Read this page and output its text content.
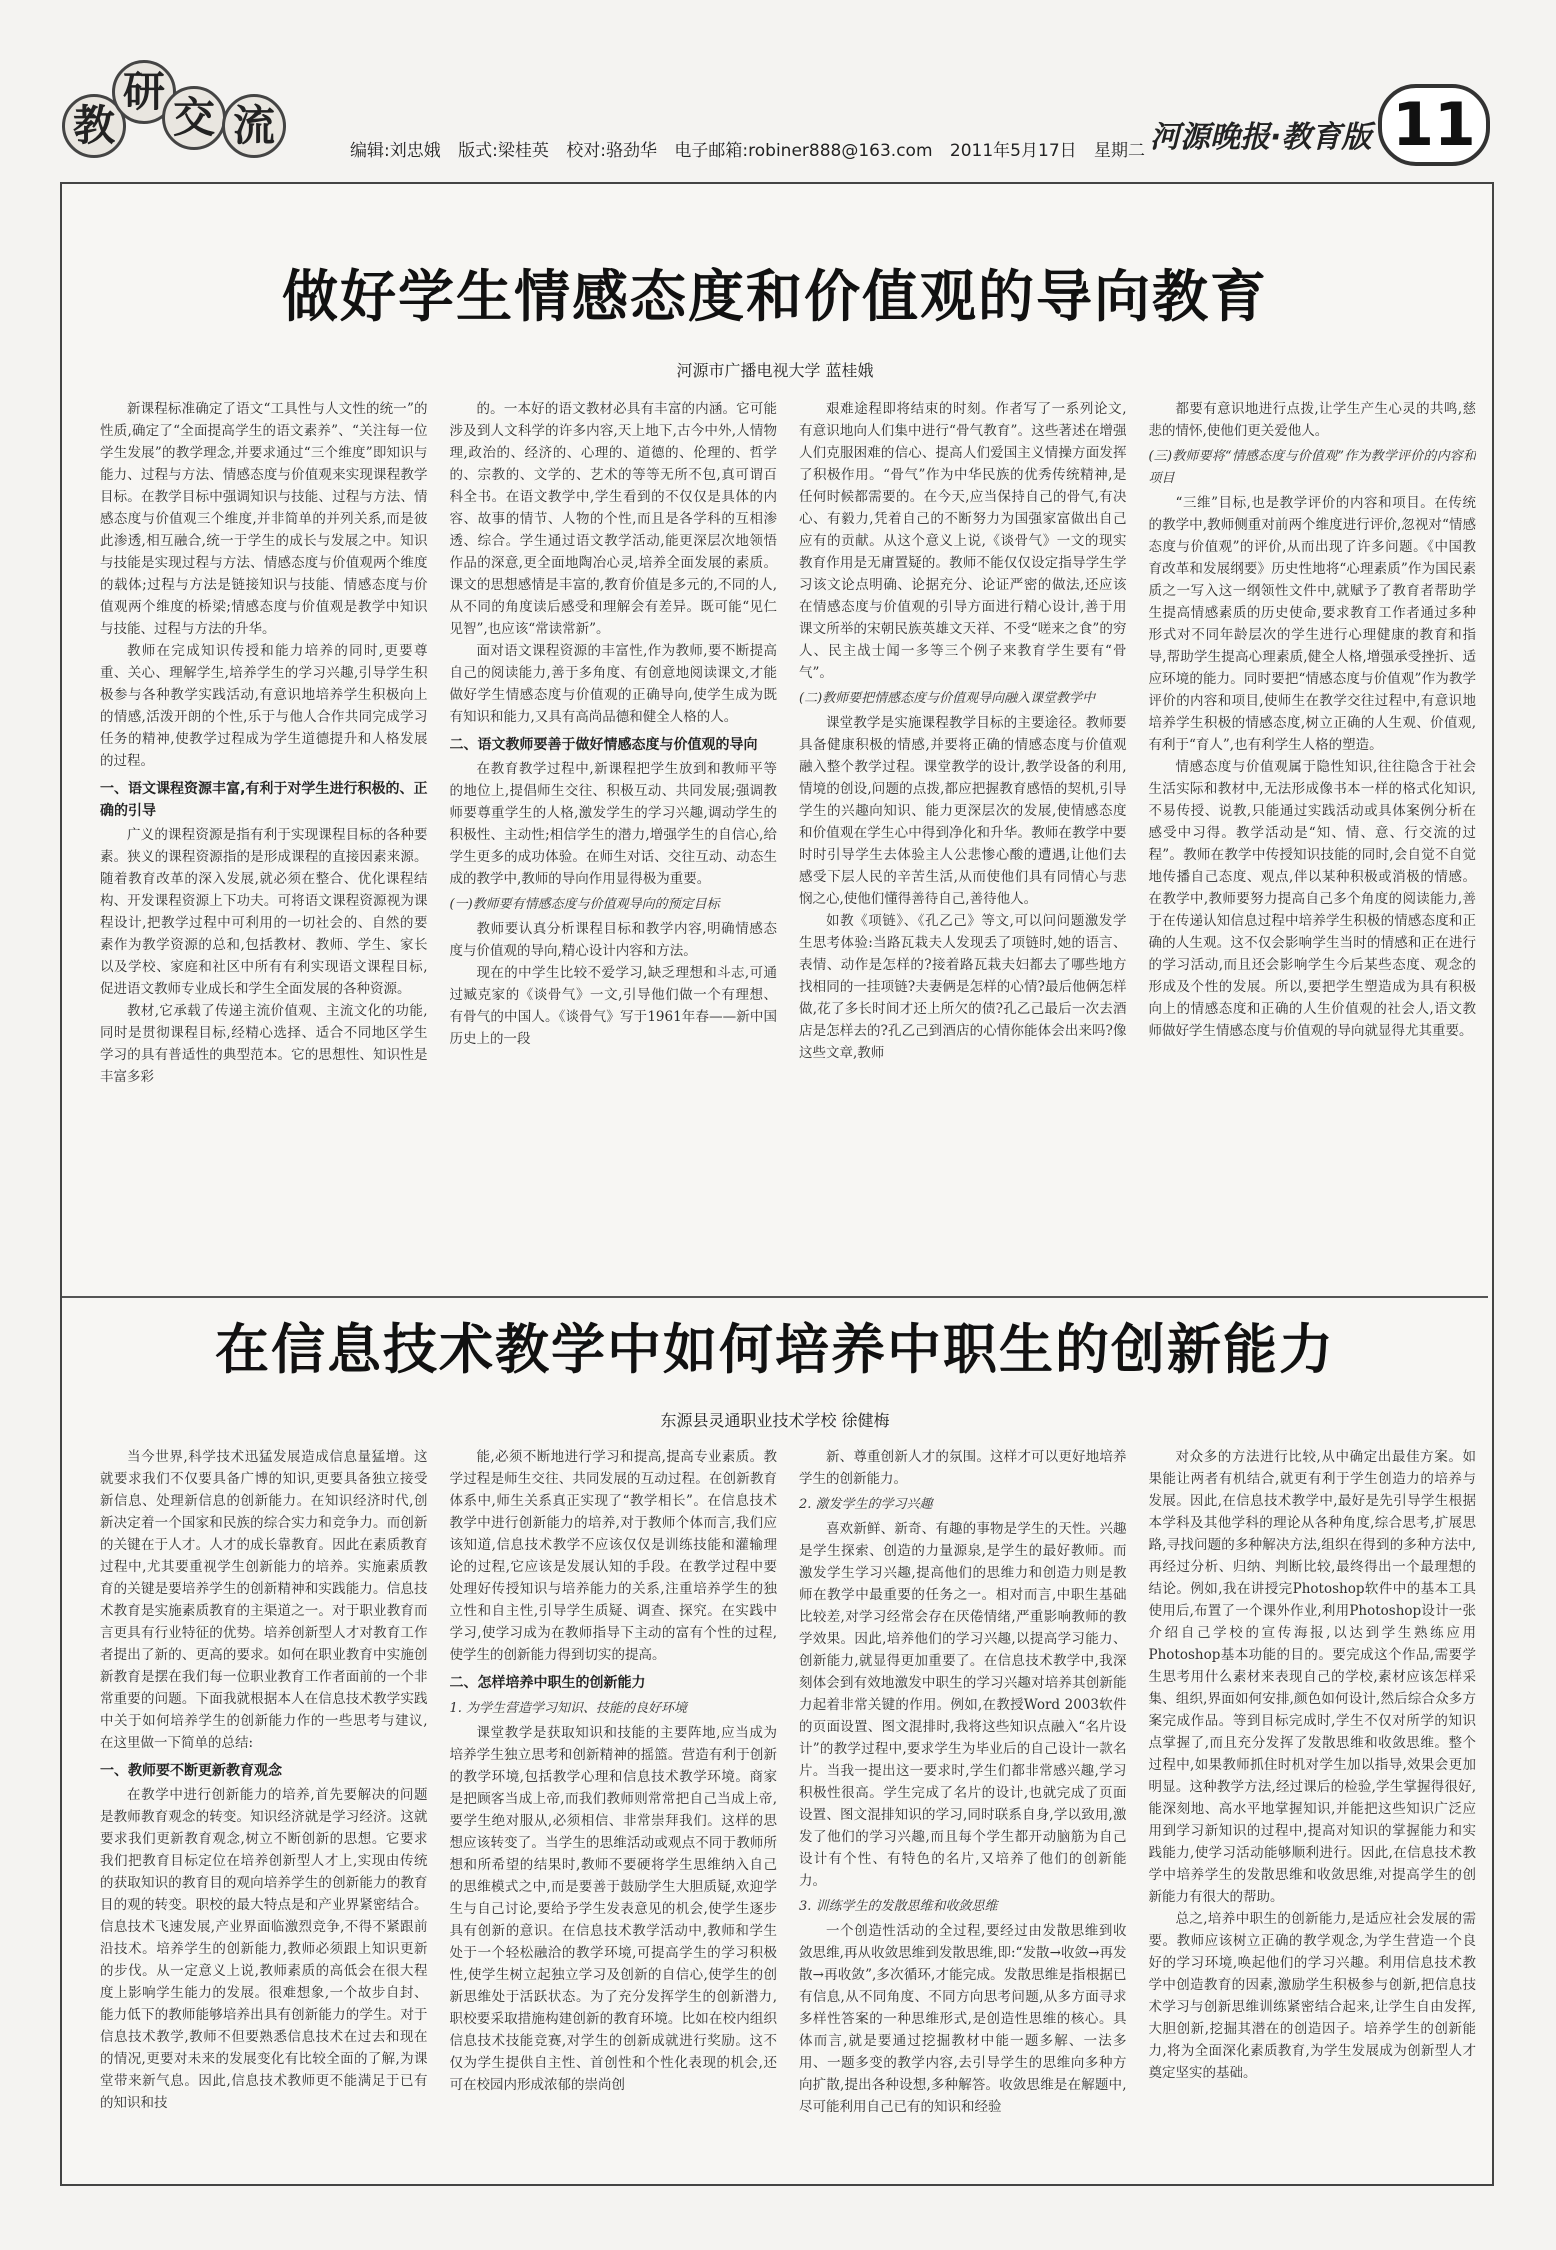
教
研
交 流
编辑:刘忠娥 版式:梁桂英 校对:骆劲华 电子邮箱:robiner888@163.com 2011年5月17日 星期二 河源晚报·教育版 11
做好学生情感态度和价值观的导向教育
河源市广播电视大学 蓝桂娥

新课程标准确定了语文“工具性与人文性的统一”的性质,确定了“全面提高学生的语文素养”、“关注每一位学生发展”的教学理念,并要求通过“三个维度”即知识与能力、过程与方法、情感态度与价值观来实现课程教学目标。在教学目标中强调知识与技能、过程与方法、情感态度与价值观三个维度,并非简单的并列关系,而是彼此渗透,相互融合,统一于学生的成长与发展之中。知识与技能是实现过程与方法、情感态度与价值观两个维度的载体;过程与方法是链接知识与技能、情感态度与价值观两个维度的桥梁;情感态度与价值观是教学中知识与技能、过程与方法的升华。

教师在完成知识传授和能力培养的同时,更要尊重、关心、理解学生,培养学生的学习兴趣,引导学生积极参与各种教学实践活动,有意识地培养学生积极向上的情感,活泼开朗的个性,乐于与他人合作共同完成学习任务的精神,使教学过程成为学生道德提升和人格发展的过程。

一、语文课程资源丰富,有利于对学生进行积极的、正确的引导

广义的课程资源是指有利于实现课程目标的各种要素。狭义的课程资源指的是形成课程的直接因素来源。随着教育改革的深入发展,就必须在整合、优化课程结构、开发课程资源上下功夫。可将语文课程资源视为课程设计,把教学过程中可利用的一切社会的、自然的要素作为教学资源的总和,包括教材、教师、学生、家长以及学校、家庭和社区中所有有利实现语文课程目标,促进语文教师专业成长和学生全面发展的各种资源。

教材,它承载了传递主流价值观、主流文化的功能,同时是贯彻课程目标,经精心选择、适合不同地区学生学习的具有普适性的典型范本。它的思想性、知识性是丰富多彩

的。一本好的语文教材必具有丰富的内涵。它可能涉及到人文科学的许多内容,天上地下,古今中外,人情物理,政治的、经济的、心理的、道德的、伦理的、哲学的、宗教的、文学的、艺术的等等无所不包,真可谓百科全书。在语文教学中,学生看到的不仅仅是具体的内容、故事的情节、人物的个性,而且是各学科的互相渗透、综合。学生通过语文教学活动,能更深层次地领悟作品的深意,更全面地陶冶心灵,培养全面发展的素质。课文的思想感情是丰富的,教育价值是多元的,不同的人,从不同的角度读后感受和理解会有差异。既可能“见仁见智”,也应该“常读常新”。

面对语文课程资源的丰富性,作为教师,要不断提高自己的阅读能力,善于多角度、有创意地阅读课文,才能做好学生情感态度与价值观的正确导向,使学生成为既有知识和能力,又具有高尚品德和健全人格的人。

二、语文教师要善于做好情感态度与价值观的导向

在教育教学过程中,新课程把学生放到和教师平等的地位上,提倡师生交往、积极互动、共同发展;强调教师要尊重学生的人格,激发学生的学习兴趣,调动学生的积极性、主动性;相信学生的潜力,增强学生的自信心,给学生更多的成功体验。在师生对话、交往互动、动态生成的教学中,教师的导向作用显得极为重要。

(一)教师要有情感态度与价值观导向的预定目标

教师要认真分析课程目标和教学内容,明确情感态度与价值观的导向,精心设计内容和方法。

现在的中学生比较不爱学习,缺乏理想和斗志,可通过臧克家的《谈骨气》一文,引导他们做一个有理想、有骨气的中国人。《谈骨气》写于1961年春——新中国历史上的一段

艰难途程即将结束的时刻。作者写了一系列论文,有意识地向人们集中进行“骨气教育”。这些著述在增强人们克服困难的信心、提高人们爱国主义情操方面发挥了积极作用。“骨气”作为中华民族的优秀传统精神,是任何时候都需要的。在今天,应当保持自己的骨气,有决心、有毅力,凭着自己的不断努力为国强家富做出自己应有的贡献。从这个意义上说,《谈骨气》一文的现实教育作用是无庸置疑的。教师不能仅仅设定指导学生学习该文论点明确、论据充分、论证严密的做法,还应该在情感态度与价值观的引导方面进行精心设计,善于用课文所举的宋朝民族英雄文天祥、不受“嗟来之食”的穷人、民主战士闻一多等三个例子来教育学生要有“骨气”。

(二)教师要把情感态度与价值观导向融入课堂教学中

课堂教学是实施课程教学目标的主要途径。教师要具备健康积极的情感,并要将正确的情感态度与价值观融入整个教学过程。课堂教学的设计,教学设备的利用,情境的创设,问题的点拨,都应把握教育感悟的契机,引导学生的兴趣向知识、能力更深层次的发展,使情感态度和价值观在学生心中得到净化和升华。教师在教学中要时时引导学生去体验主人公悲惨心酸的遭遇,让他们去感受下层人民的辛苦生活,从而使他们具有同情心与悲悯之心,使他们懂得善待自己,善待他人。

如教《项链》、《孔乙己》等文,可以问问题激发学生思考体验:当路瓦栽夫人发现丢了项链时,她的语言、表情、动作是怎样的?接着路瓦栽夫妇都去了哪些地方找相同的一挂项链?夫妻俩是怎样的心情?最后他俩怎样做,花了多长时间才还上所欠的债?孔乙己最后一次去酒店是怎样去的?孔乙己到酒店的心情你能体会出来吗?像这些文章,教师

都要有意识地进行点拨,让学生产生心灵的共鸣,慈悲的情怀,使他们更关爱他人。

(三)教师要将“情感态度与价值观”作为教学评价的内容和项目

“三维”目标,也是教学评价的内容和项目。在传统的教学中,教师侧重对前两个维度进行评价,忽视对“情感态度与价值观”的评价,从而出现了许多问题。《中国教育改革和发展纲要》历史性地将“心理素质”作为国民素质之一写入这一纲领性文件中,就赋予了教育者帮助学生提高情感素质的历史使命,要求教育工作者通过多种形式对不同年龄层次的学生进行心理健康的教育和指导,帮助学生提高心理素质,健全人格,增强承受挫折、适应环境的能力。同时要把“情感态度与价值观”作为教学评价的内容和项目,使师生在教学交往过程中,有意识地培养学生积极的情感态度,树立正确的人生观、价值观,有利于“育人”,也有利学生人格的塑造。

情感态度与价值观属于隐性知识,往往隐含于社会生活实际和教材中,无法形成像书本一样的格式化知识,不易传授、说教,只能通过实践活动或具体案例分析在感受中习得。教学活动是“知、情、意、行交流的过程”。教师在教学中传授知识技能的同时,会自觉不自觉地传播自己态度、观点,伴以某种积极或消极的情感。在教学中,教师要努力提高自己多个角度的阅读能力,善于在传递认知信息过程中培养学生积极的情感态度和正确的人生观。这不仅会影响学生当时的情感和正在进行的学习活动,而且还会影响学生今后某些态度、观念的形成及个性的发展。所以,要把学生塑造成为具有积极向上的情感态度和正确的人生价值观的社会人,语文教师做好学生情感态度与价值观的导向就显得尤其重要。

在信息技术教学中如何培养中职生的创新能力
东源县灵通职业技术学校 徐健梅

当今世界,科学技术迅猛发展造成信息量猛增。这就要求我们不仅要具备广博的知识,更要具备独立接受新信息、处理新信息的创新能力。在知识经济时代,创新决定着一个国家和民族的综合实力和竞争力。而创新的关键在于人才。人才的成长靠教育。因此在素质教育过程中,尤其要重视学生创新能力的培养。实施素质教育的关键是要培养学生的创新精神和实践能力。信息技术教育是实施素质教育的主渠道之一。对于职业教育而言更具有行业特征的优势。培养创新型人才对教育工作者提出了新的、更高的要求。如何在职业教育中实施创新教育是摆在我们每一位职业教育工作者面前的一个非常重要的问题。下面我就根据本人在信息技术教学实践中关于如何培养学生的创新能力作的一些思考与建议,在这里做一下简单的总结:

一、教师要不断更新教育观念

在教学中进行创新能力的培养,首先要解决的问题是教师教育观念的转变。知识经济就是学习经济。这就要求我们更新教育观念,树立不断创新的思想。它要求我们把教育目标定位在培养创新型人才上,实现由传统的获取知识的教育目的观向培养学生的创新能力的教育目的观的转变。职校的最大特点是和产业界紧密结合。信息技术飞速发展,产业界面临激烈竞争,不得不紧跟前沿技术。培养学生的创新能力,教师必须跟上知识更新的步伐。从一定意义上说,教师素质的高低会在很大程度上影响学生能力的发展。很难想象,一个故步自封、能力低下的教师能够培养出具有创新能力的学生。对于信息技术教学,教师不但要熟悉信息技术在过去和现在的情况,更要对未来的发展变化有比较全面的了解,为课堂带来新气息。因此,信息技术教师更不能满足于已有的知识和技

能,必须不断地进行学习和提高,提高专业素质。教学过程是师生交往、共同发展的互动过程。在创新教育体系中,师生关系真正实现了“教学相长”。在信息技术教学中进行创新能力的培养,对于教师个体而言,我们应该知道,信息技术教学不应该仅仅是训练技能和灌输理论的过程,它应该是发展认知的手段。在教学过程中要处理好传授知识与培养能力的关系,注重培养学生的独立性和自主性,引导学生质疑、调查、探究。在实践中学习,使学习成为在教师指导下主动的富有个性的过程,使学生的创新能力得到切实的提高。

二、怎样培养中职生的创新能力
1. 为学生营造学习知识、技能的良好环境

课堂教学是获取知识和技能的主要阵地,应当成为培养学生独立思考和创新精神的摇篮。营造有利于创新的教学环境,包括教学心理和信息技术教学环境。商家是把顾客当成上帝,而我们教师则常常把自己当成上帝,要学生绝对服从,必须相信、非常崇拜我们。这样的思想应该转变了。当学生的思维活动或观点不同于教师所想和所希望的结果时,教师不要硬将学生思维纳入自己的思维模式之中,而是要善于鼓励学生大胆质疑,欢迎学生与自己讨论,要给予学生发表意见的机会,使学生逐步具有创新的意识。在信息技术教学活动中,教师和学生处于一个轻松融洽的教学环境,可提高学生的学习积极性,使学生树立起独立学习及创新的自信心,使学生的创新思维处于活跃状态。为了充分发挥学生的创新潜力,职校要采取措施构建创新的教育环境。比如在校内组织信息技术技能竞赛,对学生的创新成就进行奖励。这不仅为学生提供自主性、首创性和个性化表现的机会,还可在校园内形成浓郁的崇尚创

新、尊重创新人才的氛围。这样才可以更好地培养学生的创新能力。

2. 激发学生的学习兴趣

喜欢新鲜、新奇、有趣的事物是学生的天性。兴趣是学生探索、创造的力量源泉,是学生的最好教师。而激发学生学习兴趣,提高他们的思维力和创造力则是教师在教学中最重要的任务之一。相对而言,中职生基础比较差,对学习经常会存在厌倦情绪,严重影响教师的教学效果。因此,培养他们的学习兴趣,以提高学习能力、创新能力,就显得更加重要了。在信息技术教学中,我深刻体会到有效地激发中职生的学习兴趣对培养其创新能力起着非常关键的作用。例如,在教授Word 2003软件的页面设置、图文混排时,我将这些知识点融入“名片设计”的教学过程中,要求学生为毕业后的自己设计一款名片。当我一提出这一要求时,学生们都非常感兴趣,学习积极性很高。学生完成了名片的设计,也就完成了页面设置、图文混排知识的学习,同时联系自身,学以致用,激发了他们的学习兴趣,而且每个学生都开动脑筋为自己设计有个性、有特色的名片,又培养了他们的创新能力。

3. 训练学生的发散思维和收敛思维

一个创造性活动的全过程,要经过由发散思维到收敛思维,再从收敛思维到发散思维,即:“发散→收敛→再发散→再收敛”,多次循环,才能完成。发散思维是指根据已有信息,从不同角度、不同方向思考问题,从多方面寻求多样性答案的一种思维形式,是创造性思维的核心。具体而言,就是要通过挖掘教材中能一题多解、一法多用、一题多变的教学内容,去引导学生的思维向多种方向扩散,提出各种设想,多种解答。收敛思维是在解题中,尽可能利用自己已有的知识和经验

对众多的方法进行比较,从中确定出最佳方案。如果能让两者有机结合,就更有利于学生创造力的培养与发展。因此,在信息技术教学中,最好是先引导学生根据本学科及其他学科的理论从各种角度,综合思考,扩展思路,寻找问题的多种解决方法,组织在得到的多种方法中,再经过分析、归纳、判断比较,最终得出一个最理想的结论。例如,我在讲授完Photoshop软件中的基本工具使用后,布置了一个课外作业,利用Photoshop设计一张介绍自己学校的宣传海报,以达到学生熟练应用Photoshop基本功能的目的。要完成这个作品,需要学生思考用什么素材来表现自己的学校,素材应该怎样采集、组织,界面如何安排,颜色如何设计,然后综合众多方案完成作品。等到目标完成时,学生不仅对所学的知识点掌握了,而且充分发挥了发散思维和收敛思维。整个过程中,如果教师抓住时机对学生加以指导,效果会更加明显。这种教学方法,经过课后的检验,学生掌握得很好,能深刻地、高水平地掌握知识,并能把这些知识广泛应用到学习新知识的过程中,提高对知识的掌握能力和实践能力,使学习活动能够顺利进行。因此,在信息技术教学中培养学生的发散思维和收敛思维,对提高学生的创新能力有很大的帮助。

总之,培养中职生的创新能力,是适应社会发展的需要。教师应该树立正确的教学观念,为学生营造一个良好的学习环境,唤起他们的学习兴趣。利用信息技术教学中创造教育的因素,激励学生积极参与创新,把信息技术学习与创新思维训练紧密结合起来,让学生自由发挥,大胆创新,挖掘其潜在的创造因子。培养学生的创新能力,将为全面深化素质教育,为学生发展成为创新型人才奠定坚实的基础。
